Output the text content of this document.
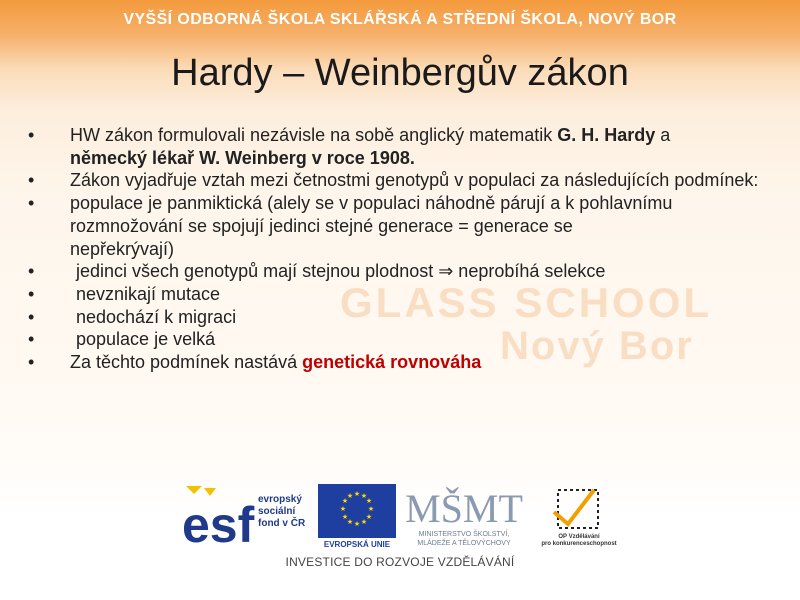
VYŠŠÍ ODBORNÁ ŠKOLA SKLÁŘSKÁ A STŘEDNÍ ŠKOLA, NOVÝ BOR
GLASS SCHOOL
Nový Bor
Hardy – Weinbergův zákon
• HW zákon formulovali nezávisle na sobě anglický matematik G. H. Hardy a
německý lékař W. Weinberg v roce 1908.
• Zákon vyjadřuje vztah mezi četnostmi genotypů v populaci za následujících podmínek:
• populace je panmiktická (alely se v populaci náhodně párují a k pohlavnímu
rozmnožování se spojují jedinci stejné generace = generace se
nepřekrývají)
• jedinci všech genotypů mají stejnou plodnost ⇒ neprobíhá selekce
• nevznikají mutace
• nedochází k migraci
• populace je velká
• Za těchto podmínek nastává genetická rovnováha
esf evropský
sociální
fond v ČR
★ ★
★
★
★
★
★
★
★
★
★
★
EVROPSKÁ UNIE
MŠMT
MINISTERSTVO ŠKOLSTVÍ,
MLÁDEŽE A TĚLOVÝCHOVY
OP Vzdělávání
pro konkurenceschopnost
INVESTICE DO ROZVOJE VZDĚLÁVÁNÍ
